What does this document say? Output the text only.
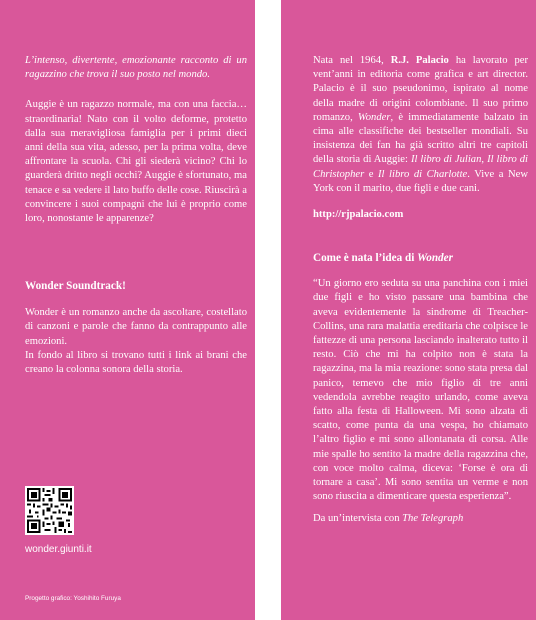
L’intenso, divertente, emozionante racconto di un ragazzino che trova il suo posto nel mondo.

Auggie è un ragazzo normale, ma con una faccia… straordinaria! Nato con il volto deforme, protetto dalla sua meravigliosa famiglia per i primi dieci anni della sua vita, adesso, per la prima volta, deve affrontare la scuola. Chi gli siederà vicino? Chi lo guarderà dritto negli occhi? Auggie è sfortunato, ma tenace e sa vedere il lato buffo delle cose. Riuscirà a convincere i suoi compagni che lui è proprio come loro, nonostante le apparenze?

Wonder Soundtrack!

Wonder è un romanzo anche da ascoltare, costellato di canzoni e parole che fanno da contrappunto alle emozioni.

In fondo al libro si trovano tutti i link ai brani che creano la colonna sonora della storia.

wonder.giunti.it
Progetto grafico: Yoshihito Furuya

Nata nel 1964, R.J. Palacio ha lavorato per vent’anni in editoria come grafica e art director. Palacio è il suo pseudonimo, ispirato al nome della madre di origini colombiane. Il suo primo romanzo, Wonder, è immediatamente balzato in cima alle classifiche dei bestseller mondiali. Su insistenza dei fan ha già scritto altri tre capitoli della storia di Auggie: Il libro di Julian, Il libro di Christopher e Il libro di Charlotte. Vive a New York con il marito, due figli e due cani.

http://rjpalacio.com

Come è nata l’idea di Wonder

“Un giorno ero seduta su una panchina con i miei due figli e ho visto passare una bambina che aveva evidentemente la sindrome di Treacher-Collins, una rara malattia ereditaria che colpisce le fattezze di una persona lasciando inalterato tutto il resto. Ciò che mi ha colpito non è stata la ragazzina, ma la mia reazione: sono stata presa dal panico, temevo che mio figlio di tre anni vedendola avrebbe reagito urlando, come aveva fatto alla festa di Halloween. Mi sono alzata di scatto, come punta da una vespa, ho chiamato l’altro figlio e mi sono allontanata di corsa. Alle mie spalle ho sentito la madre della ragazzina che, con voce molto calma, diceva: ‘Forse è ora di tornare a casa’. Mi sono sentita un verme e non sono riuscita a dimenticare questa esperienza”.

Da un’intervista con The Telegraph
